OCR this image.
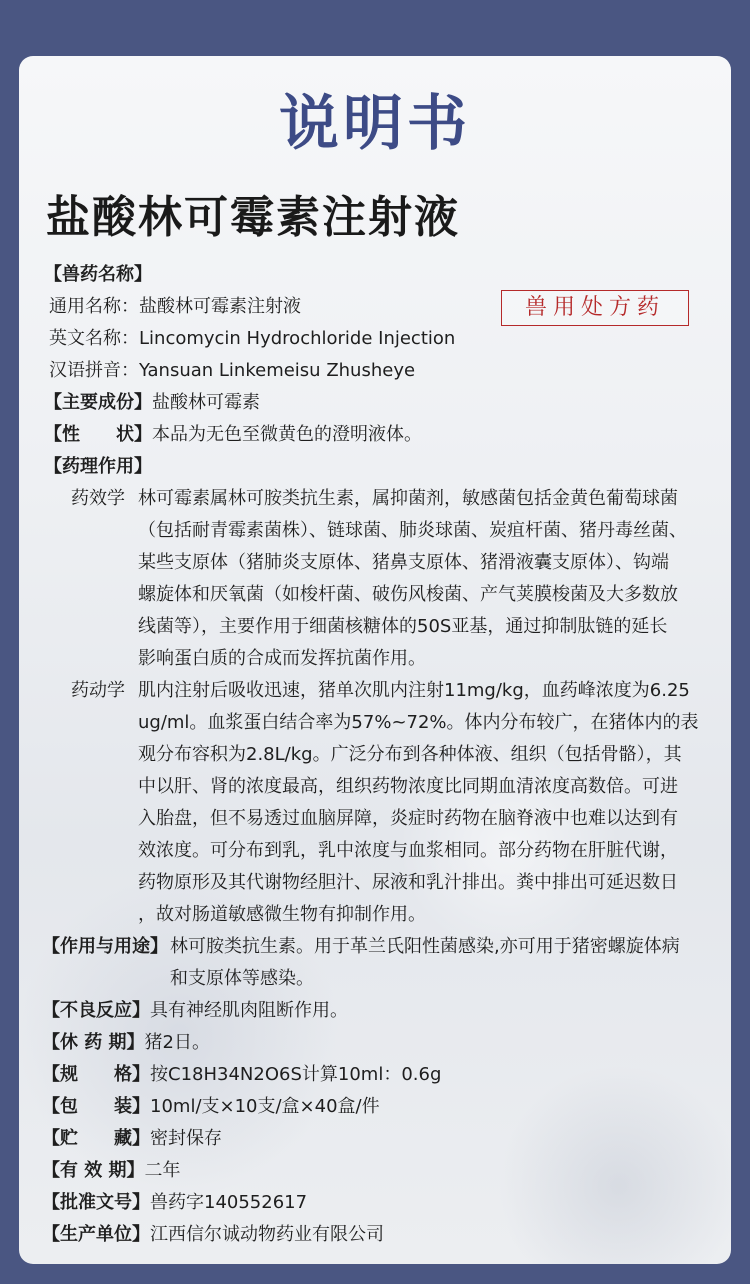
说明书
盐酸林可霉素注射液
兽用处方药
【兽药名称】
通用名称：盐酸林可霉素注射液
英文名称：Lincomycin Hydrochloride Injection
汉语拼音：Yansuan Linkemeisu Zhusheye
【主要成份】盐酸林可霉素
【性　　状】本品为无色至微黄色的澄明液体。
【药理作用】
药效学 林可霉素属林可胺类抗生素，属抑菌剂，敏感菌包括金黄色葡萄球菌
（包括耐青霉素菌株）、链球菌、肺炎球菌、炭疽杆菌、猪丹毒丝菌、
某些支原体（猪肺炎支原体、猪鼻支原体、猪滑液囊支原体）、钩端
螺旋体和厌氧菌（如梭杆菌、破伤风梭菌、产气荚膜梭菌及大多数放
线菌等），主要作用于细菌核糖体的50S亚基，通过抑制肽链的延长
影响蛋白质的合成而发挥抗菌作用。
药动学 肌内注射后吸收迅速，猪单次肌内注射11mg/kg，血药峰浓度为6.25
ug/ml。血浆蛋白结合率为57%~72%。体内分布较广，在猪体内的表
观分布容积为2.8L/kg。广泛分布到各种体液、组织（包括骨骼），其
中以肝、肾的浓度最高，组织药物浓度比同期血清浓度高数倍。可进
入胎盘，但不易透过血脑屏障，炎症时药物在脑脊液中也难以达到有
效浓度。可分布到乳，乳中浓度与血浆相同。部分药物在肝脏代谢，
药物原形及其代谢物经胆汁、尿液和乳汁排出。粪中排出可延迟数日
，故对肠道敏感微生物有抑制作用。
【作用与用途】 林可胺类抗生素。用于革兰氏阳性菌感染,亦可用于猪密螺旋体病
和支原体等感染。
【不良反应】具有神经肌肉阻断作用。
【休 药 期】猪2日。
【规　　格】按C18H34N2O6S计算10ml：0.6g
【包　　装】10ml/支×10支/盒×40盒/件
【贮　　藏】密封保存
【有 效 期】二年
【批准文号】兽药字140552617
【生产单位】江西信尔诚动物药业有限公司
